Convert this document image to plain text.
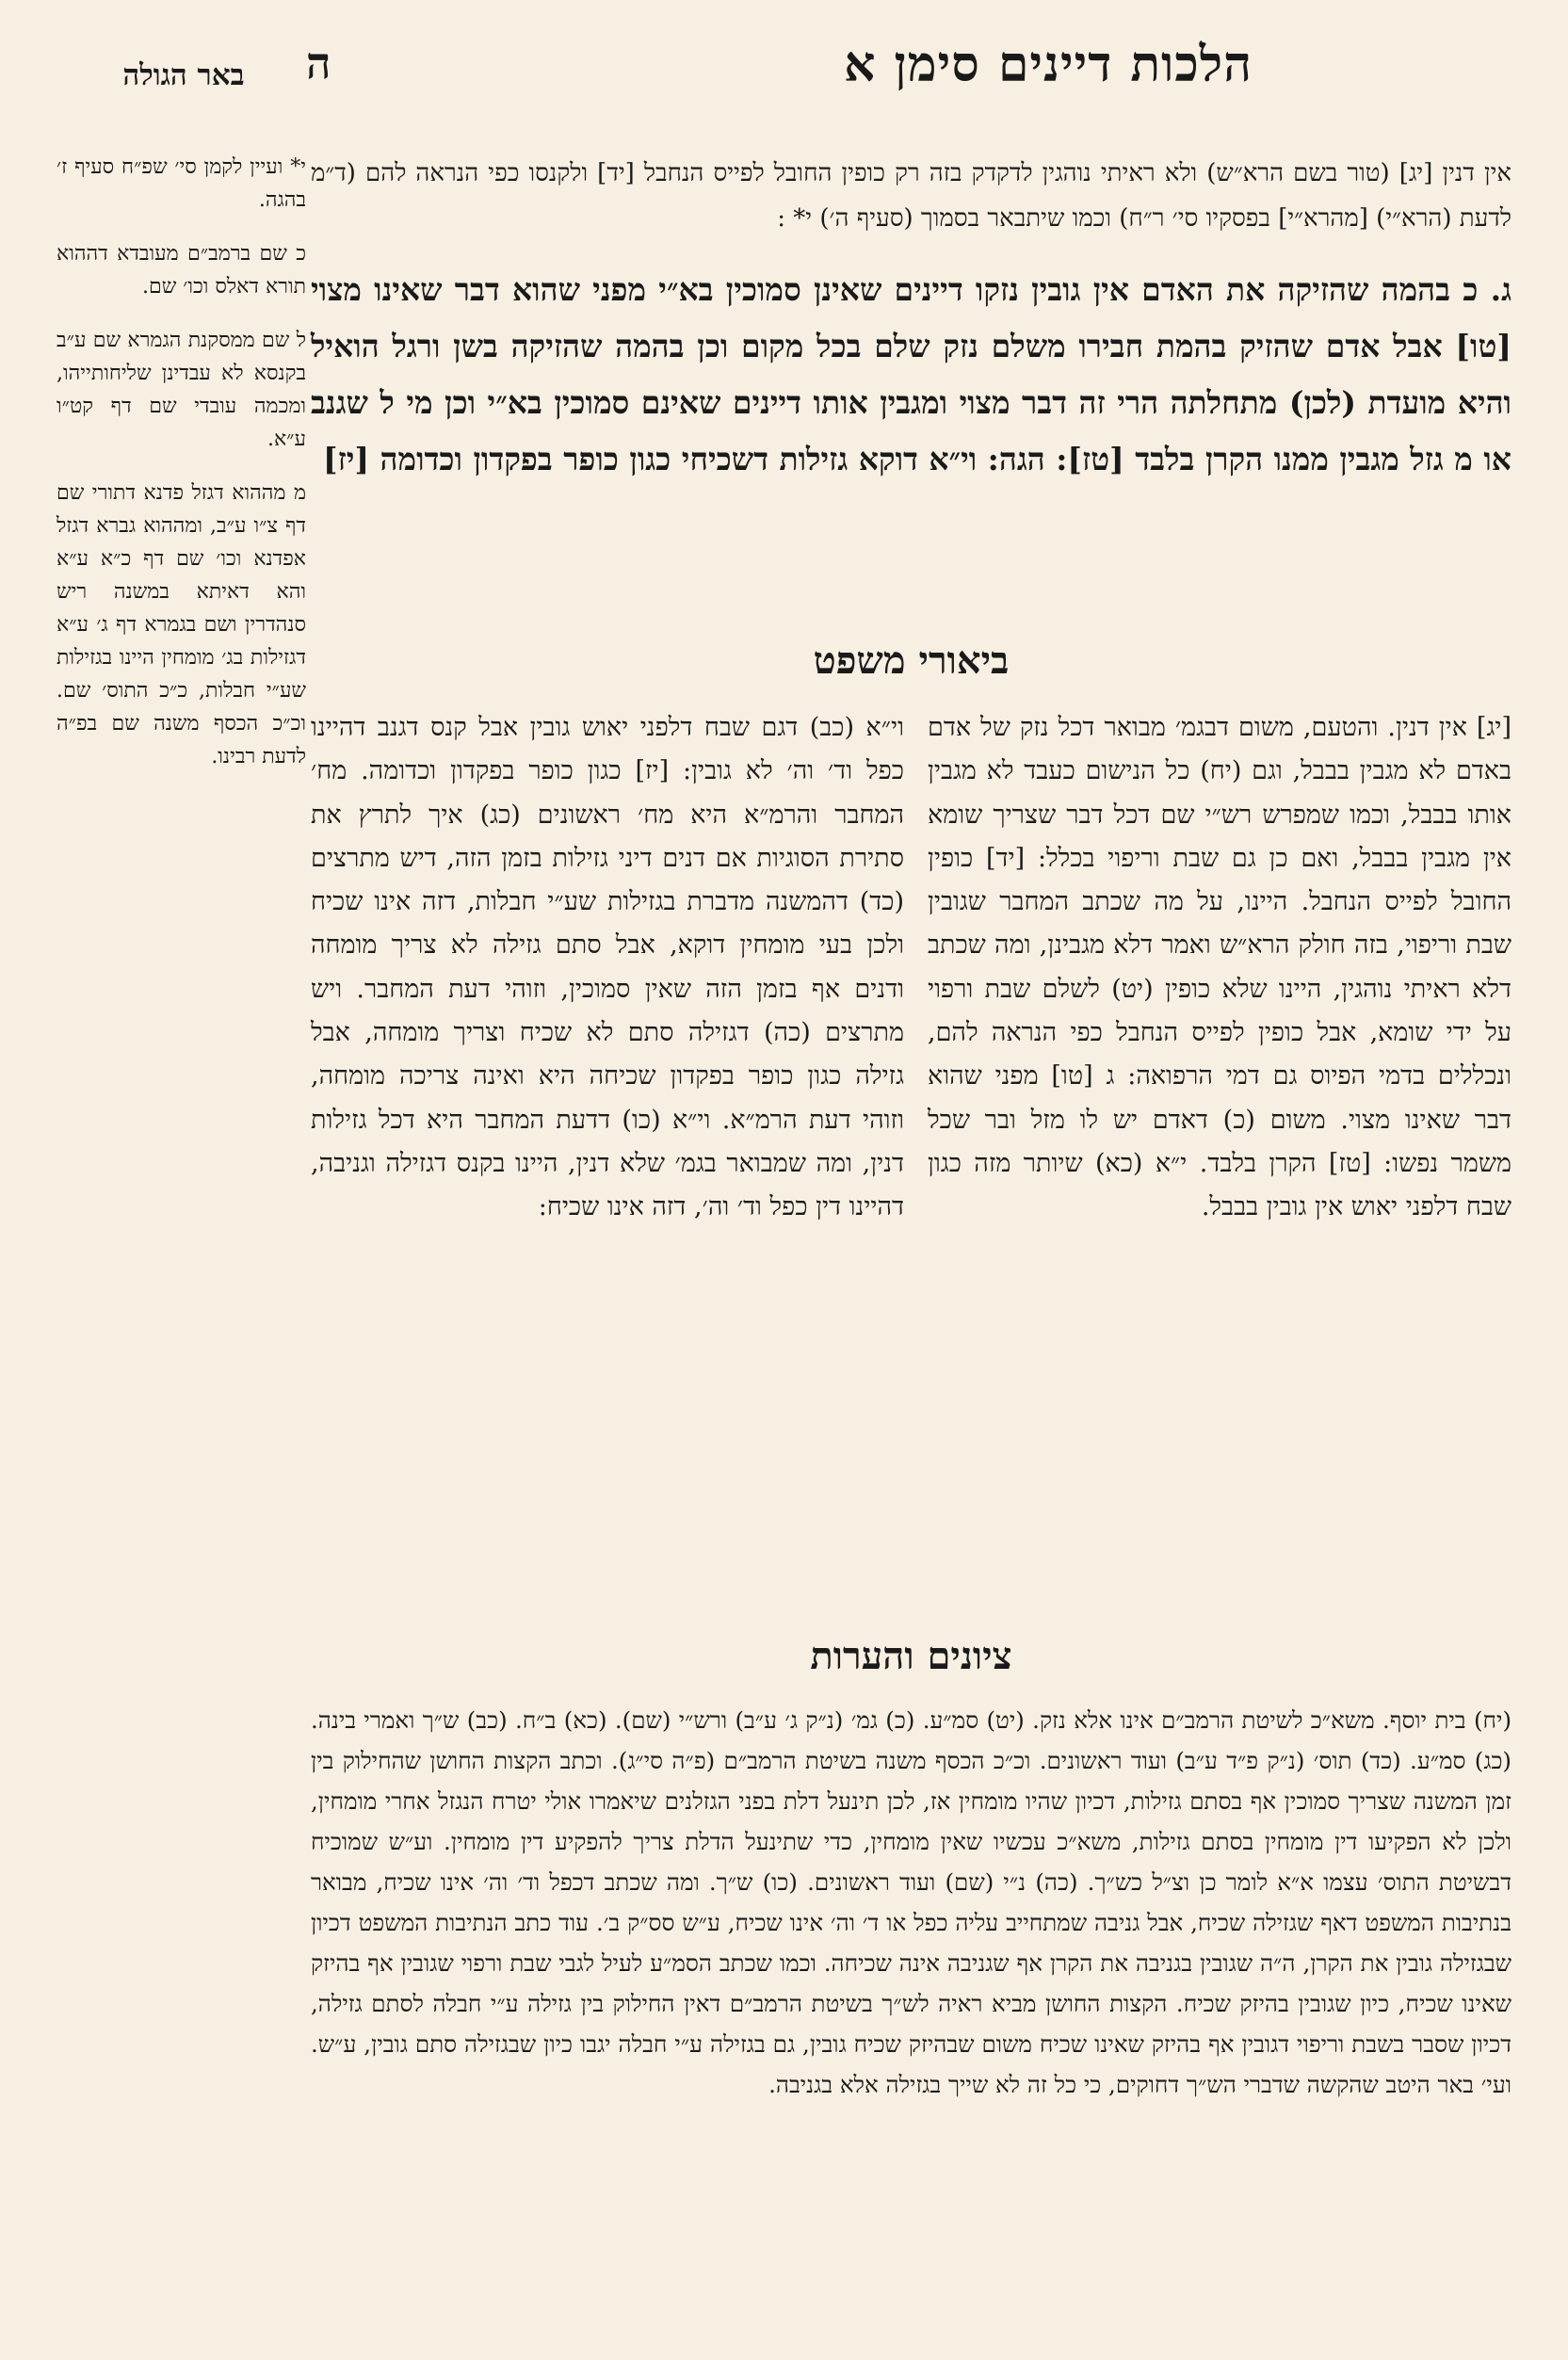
הלכות דיינים סימן א
ה
באר הגולה

י* ועיין לקמן סי׳ שפ״ח סעיף ז׳ בהגה.

כ שם ברמב״ם מעובדא דההוא תורא דאלס וכו׳ שם.

ל שם ממסקנת הגמרא שם ע״ב בקנסא לא עבדינן שליחותייהו, ומכמה עובדי שם דף קט״ו ע״א.

מ מההוא דגזל פדנא דתורי שם דף צ״ו ע״ב, ומההוא גברא דגזל אפדנא וכו׳ שם דף כ״א ע״א והא דאיתא במשנה ריש סנהדרין ושם בגמרא דף ג׳ ע״א דגזילות בג׳ מומחין היינו בגזילות שע״י חבלות, כ״כ התוס׳ שם. וכ״כ הכסף משנה שם בפ״ה לדעת רבינו.

אין דנין [יג] (טור בשם הרא״ש) ולא ראיתי נוהגין לדקדק בזה רק כופין החובל לפייס הנחבל [יד] ולקנסו כפי הנראה להם (ד״מ לדעת (הרא״י) [מהרא״י] בפסקיו סי׳ ר״ח) וכמו שיתבאר בסמוך (סעיף ה׳) י* :

ג. כ בהמה שהזיקה את האדם אין גובין נזקו דיינים שאינן סמוכין בא״י מפני שהוא דבר שאינו מצוי [טו] אבל אדם שהזיק בהמת חבירו משלם נזק שלם בכל מקום וכן בהמה שהזיקה בשן ורגל הואיל והיא מועדת (לכן) מתחלתה הרי זה דבר מצוי ומגבין אותו דיינים שאינם סמוכין בא״י וכן מי ל שגנב או מ גזל מגבין ממנו הקרן בלבד [טז]: הגה: וי״א דוקא גזילות דשכיחי כגון כופר בפקדון וכדומה [יז]

ביאורי משפט

[יג] אין דנין. והטעם, משום דבגמ׳ מבואר דכל נזק של אדם באדם לא מגבין בבבל, וגם (יח) כל הנישום כעבד לא מגבין אותו בבבל, וכמו שמפרש רש״י שם דכל דבר שצריך שומא אין מגבין בבבל, ואם כן גם שבת וריפוי בכלל: [יד] כופין החובל לפייס הנחבל. היינו, על מה שכתב המחבר שגובין שבת וריפוי, בזה חולק הרא״ש ואמר דלא מגבינן, ומה שכתב דלא ראיתי נוהגין, היינו שלא כופין (יט) לשלם שבת ורפוי על ידי שומא, אבל כופין לפייס הנחבל כפי הנראה להם, ונכללים בדמי הפיוס גם דמי הרפואה: ג [טו] מפני שהוא דבר שאינו מצוי. משום (כ) דאדם יש לו מזל ובר שכל משמר נפשו: [טז] הקרן בלבד. י״א (כא) שיותר מזה כגון שבח דלפני יאוש אין גובין בבבל.

וי״א (כב) דגם שבח דלפני יאוש גובין אבל קנס דגנב דהיינו כפל וד׳ וה׳ לא גובין: [יז] כגון כופר בפקדון וכדומה. מח׳ המחבר והרמ״א היא מח׳ ראשונים (כג) איך לתרץ את סתירת הסוגיות אם דנים דיני גזילות בזמן הזה, דיש מתרצים (כד) דהמשנה מדברת בגזילות שע״י חבלות, דזה אינו שכיח ולכן בעי מומחין דוקא, אבל סתם גזילה לא צריך מומחה ודנים אף בזמן הזה שאין סמוכין, וזוהי דעת המחבר. ויש מתרצים (כה) דגזילה סתם לא שכיח וצריך מומחה, אבל גזילה כגון כופר בפקדון שכיחה היא ואינה צריכה מומחה, וזוהי דעת הרמ״א. וי״א (כו) דדעת המחבר היא דכל גזילות דנין, ומה שמבואר בגמ׳ שלא דנין, היינו בקנס דגזילה וגניבה, דהיינו דין כפל וד׳ וה׳, דזה אינו שכיח:

ציונים והערות

(יח) בית יוסף. משא״כ לשיטת הרמב״ם אינו אלא נזק. (יט) סמ״ע. (כ) גמ׳ (נ״ק ג׳ ע״ב) ורש״י (שם). (כא) ב״ח. (כב) ש״ך ואמרי בינה. (כג) סמ״ע. (כד) תוס׳ (נ״ק פ״ד ע״ב) ועוד ראשונים. וכ״כ הכסף משנה בשיטת הרמב״ם (פ״ה סי״ג). וכתב הקצות החושן שהחילוק בין זמן המשנה שצריך סמוכין אף בסתם גזילות, דכיון שהיו מומחין אז, לכן תינעל דלת בפני הגזלנים שיאמרו אולי יטרח הנגזל אחרי מומחין, ולכן לא הפקיעו דין מומחין בסתם גזילות, משא״כ עכשיו שאין מומחין, כדי שתינעל הדלת צריך להפקיע דין מומחין. וע״ש שמוכיח דבשיטת התוס׳ עצמו א״א לומר כן וצ״ל כש״ך. (כה) נ״י (שם) ועוד ראשונים. (כו) ש״ך. ומה שכתב דכפל וד׳ וה׳ אינו שכיח, מבואר בנתיבות המשפט דאף שגזילה שכיח, אבל גניבה שמתחייב עליה כפל או ד׳ וה׳ אינו שכיח, ע״ש סס״ק ב׳. עוד כתב הנתיבות המשפט דכיון שבגזילה גובין את הקרן, ה״ה שגובין בגניבה את הקרן אף שגניבה אינה שכיחה. וכמו שכתב הסמ״ע לעיל לגבי שבת ורפוי שגובין אף בהיזק שאינו שכיח, כיון שגובין בהיזק שכיח. הקצות החושן מביא ראיה לש״ך בשיטת הרמב״ם דאין החילוק בין גזילה ע״י חבלה לסתם גזילה, דכיון שסבר בשבת וריפוי דגובין אף בהיזק שאינו שכיח משום שבהיזק שכיח גובין, גם בגזילה ע״י חבלה יגבו כיון שבגזילה סתם גובין, ע״ש. ועי׳ באר היטב שהקשה שדברי הש״ך דחוקים, כי כל זה לא שייך בגזילה אלא בגניבה.
